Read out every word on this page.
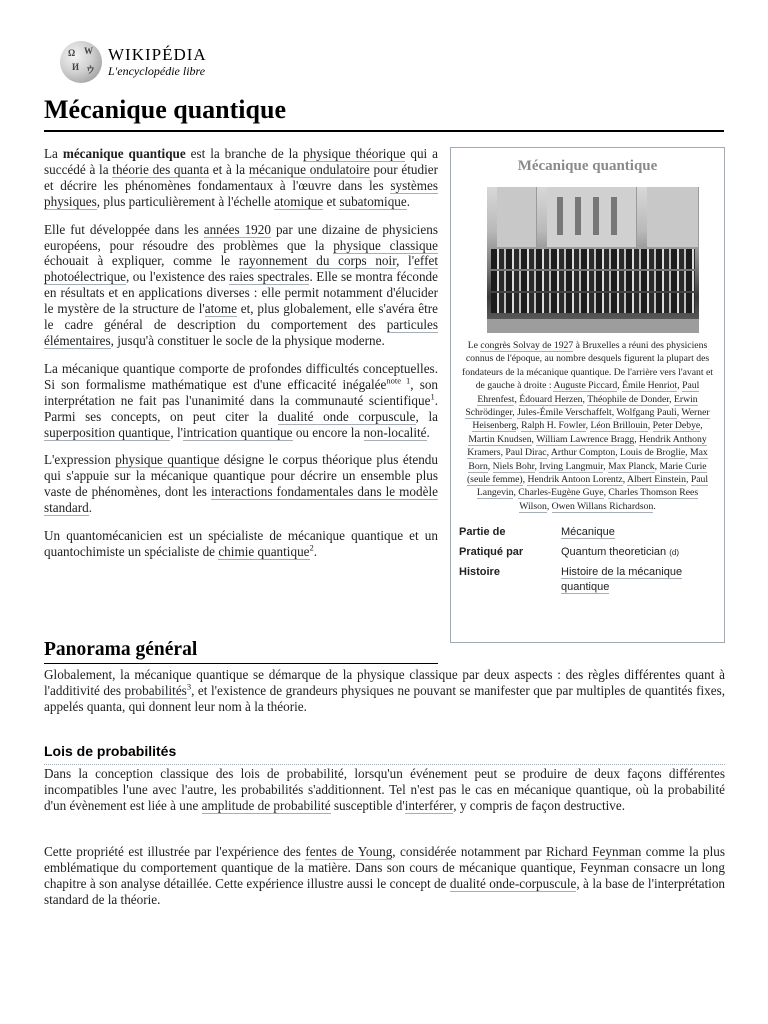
Ω W
И ウ
WIKIPÉDIA
L'encyclopédie libre
Mécanique quantique

La mécanique quantique est la branche de la physique théorique qui a succédé à la théorie des quanta et à la mécanique ondulatoire pour étudier et décrire les phénomènes fondamentaux à l'œuvre dans les systèmes physiques, plus particulièrement à l'échelle atomique et subatomique.

Elle fut développée dans les années 1920 par une dizaine de physiciens européens, pour résoudre des problèmes que la physique classique échouait à expliquer, comme le rayonnement du corps noir, l'effet photoélectrique, ou l'existence des raies spectrales. Elle se montra féconde en résultats et en applications diverses : elle permit notamment d'élucider le mystère de la structure de l'atome et, plus globalement, elle s'avéra être le cadre général de description du comportement des particules élémentaires, jusqu'à constituer le socle de la physique moderne.

La mécanique quantique comporte de profondes difficultés conceptuelles. Si son formalisme mathématique est d'une efficacité inégalée$^{note 1}$, son interprétation ne fait pas l'unanimité dans la communauté scientifique$^1$. Parmi ses concepts, on peut citer la dualité onde corpuscule, la superposition quantique, l'intrication quantique ou encore la non-localité.

L'expression physique quantique désigne le corpus théorique plus étendu qui s'appuie sur la mécanique quantique pour décrire un ensemble plus vaste de phénomènes, dont les interactions fondamentales dans le modèle standard.

Un quantomécanicien est un spécialiste de mécanique quantique et un quantochimiste un spécialiste de chimie quantique$^2$.

Mécanique quantique
Le congrès Solvay de 1927 à Bruxelles a réuni des physiciens connus de l'époque, au nombre desquels figurent la plupart des fondateurs de la mécanique quantique. De l'arrière vers l'avant et de gauche à droite : Auguste Piccard, Émile Henriot, Paul Ehrenfest, Édouard Herzen, Théophile de Donder, Erwin Schrödinger, Jules-Émile Verschaffelt, Wolfgang Pauli, Werner Heisenberg, Ralph H. Fowler, Léon Brillouin, Peter Debye, Martin Knudsen, William Lawrence Bragg, Hendrik Anthony Kramers, Paul Dirac, Arthur Compton, Louis de Broglie, Max Born, Niels Bohr, Irving Langmuir, Max Planck, Marie Curie (seule femme), Hendrik Antoon Lorentz, Albert Einstein, Paul Langevin, Charles-Eugène Guye, Charles Thomson Rees Wilson, Owen Willans Richardson.
Partie de	Mécanique
Pratiqué par	Quantum theoretician (d)
Histoire	Histoire de la mécanique quantique
Panorama général

Globalement, la mécanique quantique se démarque de la physique classique par deux aspects : des règles différentes quant à l'additivité des probabilités$^3$, et l'existence de grandeurs physiques ne pouvant se manifester que par multiples de quantités fixes, appelés quanta, qui donnent leur nom à la théorie.

Lois de probabilités

Dans la conception classique des lois de probabilité, lorsqu'un événement peut se produire de deux façons différentes incompatibles l'une avec l'autre, les probabilités s'additionnent. Tel n'est pas le cas en mécanique quantique, où la probabilité d'un évènement est liée à une amplitude de probabilité susceptible d'interférer, y compris de façon destructive.

Cette propriété est illustrée par l'expérience des fentes de Young, considérée notamment par Richard Feynman comme la plus emblématique du comportement quantique de la matière. Dans son cours de mécanique quantique, Feynman consacre un long chapitre à son analyse détaillée. Cette expérience illustre aussi le concept de dualité onde-corpuscule, à la base de l'interprétation standard de la théorie.
